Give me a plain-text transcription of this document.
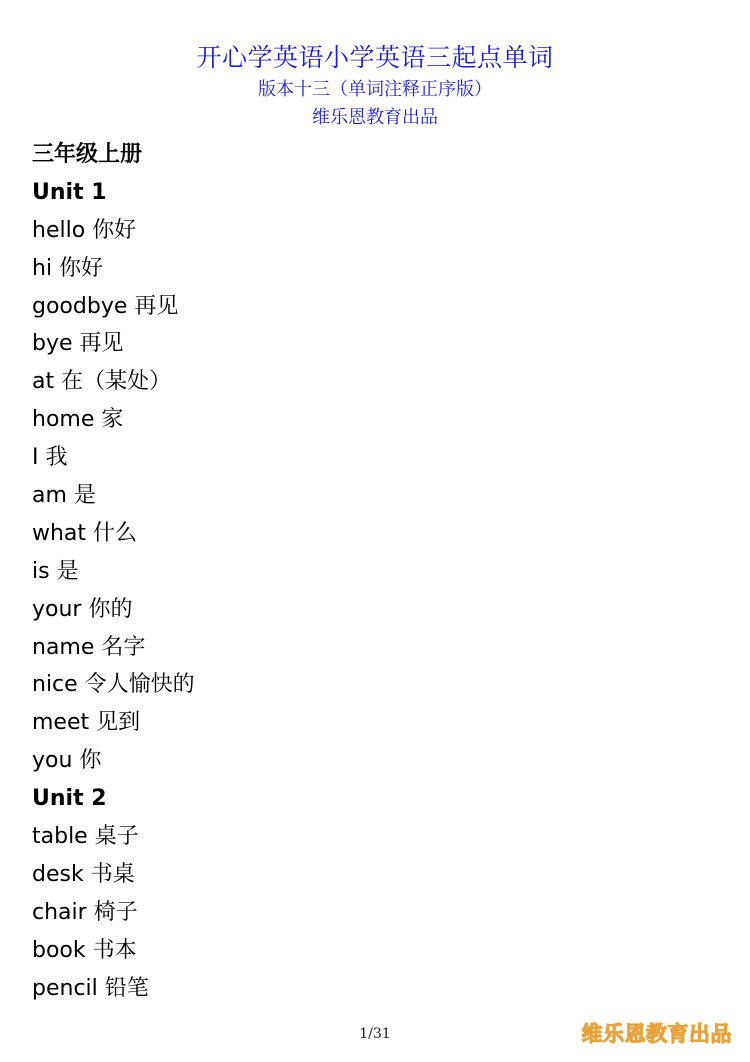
开心学英语小学英语三起点单词
版本十三（单词注释正序版）
维乐恩教育出品
三年级上册
Unit 1
hello 你好
hi 你好
goodbye 再见
bye 再见
at 在（某处）
home 家
I 我
am 是
what 什么
is 是
your 你的
name 名字
nice 令人愉快的
meet 见到
you 你
Unit 2
table 桌子
desk 书桌
chair 椅子
book 书本
pencil 铅笔
1/31	维乐恩教育出品
